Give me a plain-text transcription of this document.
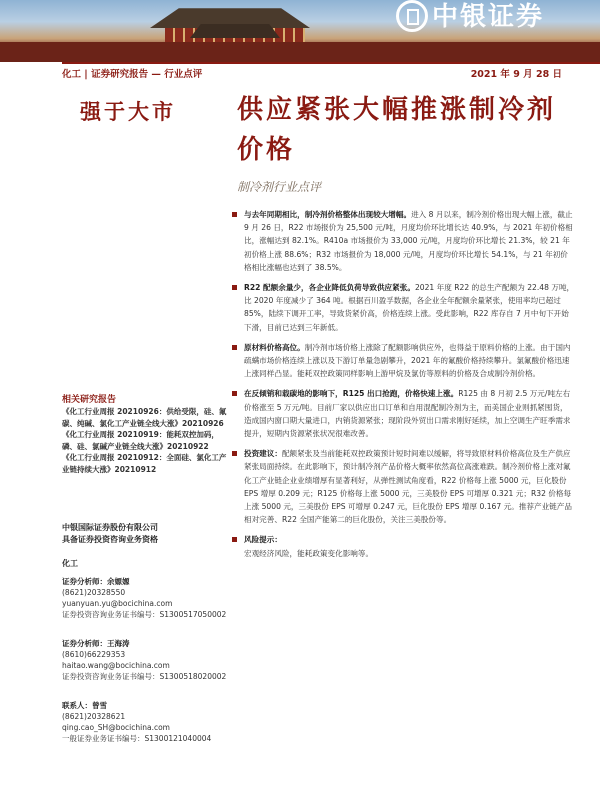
中银证券
化工 | 证券研究报告 — 行业点评	2021 年 9 月 28 日
强于大市 供应紧张大幅推涨制冷剂价格
制冷剂行业点评
与去年同期相比，制冷剂价格整体出现较大增幅。进入 8 月以来，制冷剂价格出现大幅上涨，截止 9 月 26 日，R22 市场报价为 25,500 元/吨，月度均价环比增长达 40.9%，与 2021 年初价格相比，涨幅达到 82.1%。R410a 市场报价为 33,000 元/吨，月度均价环比增长 21.3%，较 21 年初价格上涨 88.6%；R32 市场报价为 18,000 元/吨，月度均价环比增长 54.1%，与 21 年初价格相比涨幅也达到了 38.5%。
R22 配额余量少，各企业降低负荷导致供应紧张。2021 年度 R22 的总生产配额为 22.48 万吨，比 2020 年度减少了 364 吨。根据百川盈孚数据，各企业全年配额余量紧张，使用率均已超过 85%，陆续下调开工率，导致货紧价高，价格连续上涨。受此影响，R22 库存自 7 月中旬下开始下滑，目前已达到三年新低。
原材料价格高位。制冷剂市场价格上涨除了配额影响供应外，也得益于原料价格的上涨。由于国内疏螨市场价格连续上涨以及下游订单量急剧攀升，2021 年的氟酸价格持续攀升。氯氟酸价格迅速上涨同样凸显。能耗双控政策同样影响上游甲烷及氯仿等原料的价格及合成制冷剂价格。
在反倾销和载碳地的影响下，R125 出口抢跑，价格快速上涨。R125 由 8 月初 2.5 万元/吨左右价格涨至 5 万元/吨。目前厂家以供应出口订单和自用混配制冷剂为主，而美国企业则抓紧囤货，造成国内窗口期大量进口，内销货源紧张；现阶段外贸出口需求刚好延续，加上空调生产旺季需求提升，短期内货源紧张状况很难改善。
投资建议：配额紧张及当前能耗双控政策预计短时间难以缓解，将导致原材料价格高位及生产供应紧张局面持续。在此影响下，预计制冷剂产品价格大概率依然高位高涨难跌。制冷剂价格上涨对氟化工产业链企业业绩增厚有显著利好，从弹性测试角度看，R22 价格每上涨 5000 元，巨化股份 EPS 增厚 0.209 元；R125 价格每上涨 5000 元，三美股份 EPS 可增厚 0.321 元；R32 价格每上涨 5000 元，三美股份 EPS 可增厚 0.247 元，巨化股份 EPS 增厚 0.167 元。推荐产业链产品相对完善、R22 全国产能第二的巨化股份，关注三美股份等。
风险提示：
宏观经济风险，能耗政策变化影响等。
相关研究报告
《化工行业周报 20210926：供给受限，硅、氟碳、纯碱、氯化工产业链全线大涨》20210926
《化工行业周报 20210919：能耗双控加码，磷、硅、氯碱产业链全线大涨》20210922
《化工行业周报 20210912：全面硅、氯化工产业链持续大涨》20210912
中银国际证券股份有限公司
具备证券投资咨询业务资格
化工
证券分析师：余嫄嫄
(8621)20328550
yuanyuan.yu@bocichina.com
证券投资咨询业务证书编号：S1300517050002
证券分析师：王海涛
(8610)66229353
haitao.wang@bocichina.com
证券投资咨询业务证书编号：S1300518020002
联系人：曾雪
(8621)20328621
qing.cao_SH@bocichina.com
一般证券业务证书编号：S1300121040004
